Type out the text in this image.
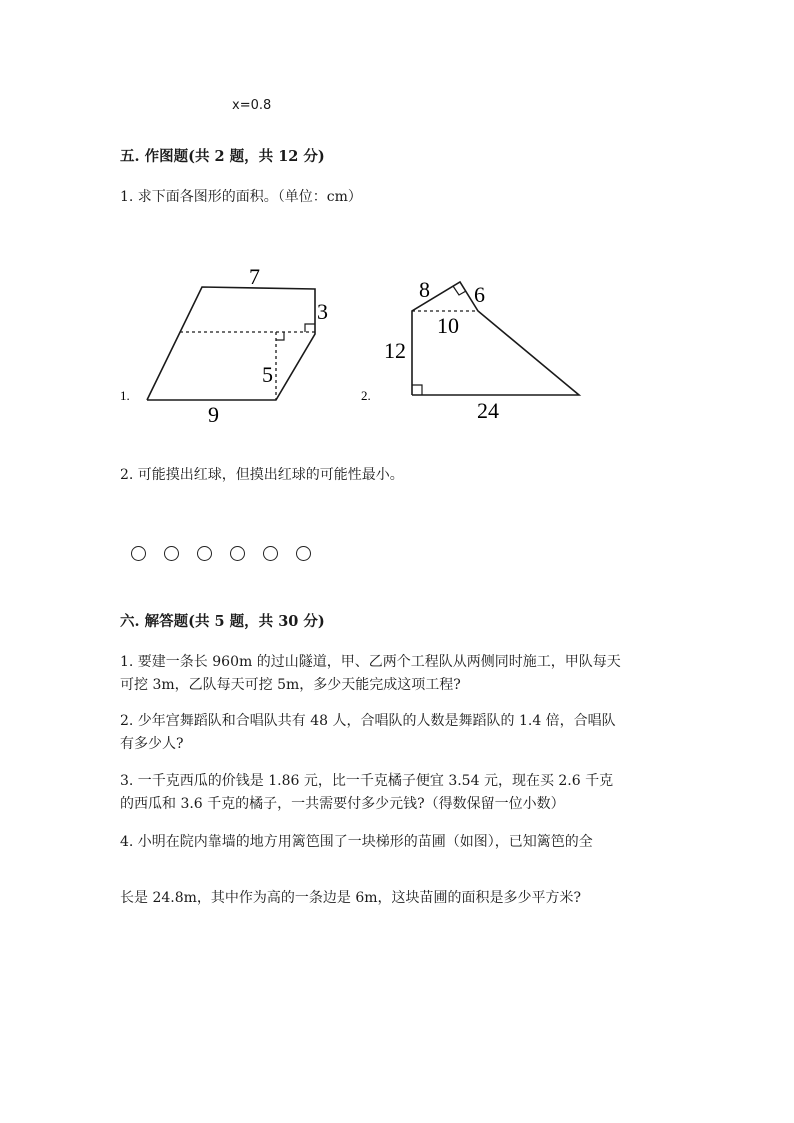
x=0.8
五. 作图题(共 2 题，共 12 分)
1. 求下面各图形的面积。（单位：cm）
1.
7
3
5
9
2.
8 6
10
12
24
2. 可能摸出红球，但摸出红球的可能性最小。
六. 解答题(共 5 题，共 30 分)
1. 要建一条长 960m 的过山隧道，甲、乙两个工程队从两侧同时施工，甲队每天
可挖 3m，乙队每天可挖 5m，多少天能完成这项工程?
2. 少年宫舞蹈队和合唱队共有 48 人，合唱队的人数是舞蹈队的 1.4 倍，合唱队
有多少人?
3. 一千克西瓜的价钱是 1.86 元，比一千克橘子便宜 3.54 元，现在买 2.6 千克
的西瓜和 3.6 千克的橘子，一共需要付多少元钱?（得数保留一位小数）
4. 小明在院内靠墙的地方用篱笆围了一块梯形的苗圃（如图），已知篱笆的全
长是 24.8m，其中作为高的一条边是 6m，这块苗圃的面积是多少平方米?
